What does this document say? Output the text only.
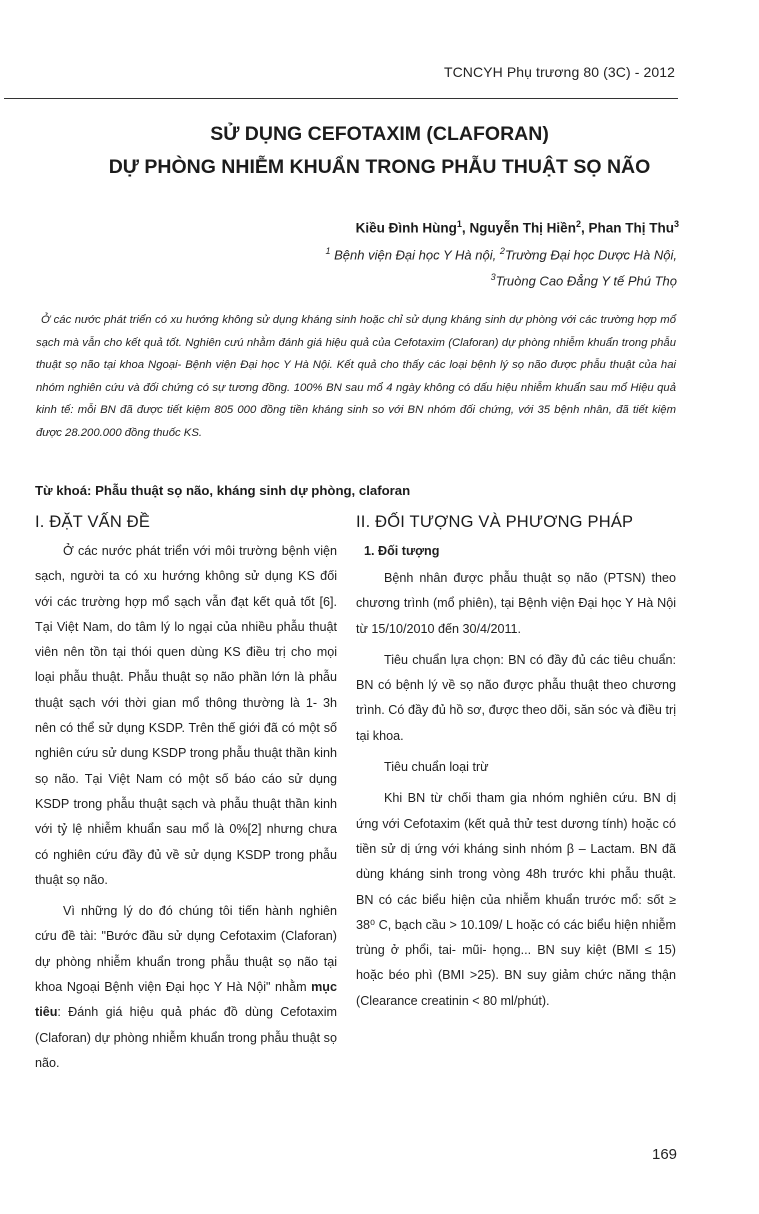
TCNCYH Phụ trương 80 (3C) - 2012
SỬ DỤNG CEFOTAXIM (CLAFORAN)
DỰ PHÒNG NHIỄM KHUẨN TRONG PHẪU THUẬT SỌ NÃO
Kiều Đình Hùng$^1$, Nguyễn Thị Hiền$^2$, Phan Thị Thu$^3$
$^1$ Bệnh viện Đại học Y Hà nội, $^2$Trường Đại học Dược Hà Nội,
$^3$Truòng Cao Đẳng Y tế Phú Thọ
Ở các nước phát triển có xu hướng không sử dụng kháng sinh hoặc chỉ sử dụng kháng sinh dự phòng với các trường hợp mổ sạch mà vẫn cho kết quả tốt. Nghiên cưú nhằm đánh giá hiệu quả của Cefotaxim (Claforan) dự phòng nhiễm khuẩn trong phẫu thuật sọ não tại khoa Ngoại- Bệnh viện Đại học Y Hà Nội. Kết quả cho thấy các loại bệnh lý sọ não được phẫu thuật của hai nhóm nghiên cứu và đối chứng có sự tương đồng. 100% BN sau mổ 4 ngày không có dấu hiệu nhiễm khuẩn sau mổ Hiệu quả kinh tế: mỗi BN đã được tiết kiệm 805 000 đồng tiền kháng sinh so với BN nhóm đối chứng, với 35 bệnh nhân, đã tiết kiệm được 28.200.000 đồng thuốc KS.
Từ khoá: Phẫu thuật sọ não, kháng sinh dự phòng, claforan
I. ĐẶT VẤN ĐỀ

Ở các nước phát triển với môi trường bệnh viện sạch, người ta có xu hướng không sử dụng KS đối với các trường hợp mổ sạch vẫn đạt kết quả tốt [6]. Tại Việt Nam, do tâm lý lo ngại của nhiều phẫu thuật viên nên tồn tại thói quen dùng KS điều trị cho mọi loại phẫu thuật. Phẫu thuật sọ não phần lớn là phẫu thuật sạch với thời gian mổ thông thường là 1- 3h nên có thể sử dụng KSDP. Trên thế giới đã có một số nghiên cứu sử dung KSDP trong phẫu thuật thần kinh sọ não. Tại Việt Nam có một số báo cáo sử dụng KSDP trong phẫu thuật sạch và phẫu thuật thần kinh với tỷ lệ nhiễm khuẩn sau mổ là 0%[2] nhưng chưa có nghiên cứu đầy đủ về sử dụng KSDP trong phẫu thuật sọ não.

Vì những lý do đó chúng tôi tiến hành nghiên cứu đề tài: "Bước đầu sử dụng Cefotaxim (Claforan) dự phòng nhiễm khuẩn trong phẫu thuật sọ não tại khoa Ngoại Bệnh viện Đại học Y Hà Nội" nhằm mục tiêu: Đánh giá hiệu quả phác đồ dùng Cefotaxim (Claforan) dự phòng nhiễm khuẩn trong phẫu thuật sọ não.

II. ĐỐI TƯỢNG VÀ PHƯƠNG PHÁP
1. Đối tượng

Bệnh nhân được phẫu thuật sọ não (PTSN) theo chương trình (mổ phiên), tại Bệnh viện Đại học Y Hà Nội từ 15/10/2010 đến 30/4/2011.

Tiêu chuẩn lựa chọn: BN có đầy đủ các tiêu chuẩn: BN có bệnh lý về sọ não được phẫu thuật theo chương trình. Có đầy đủ hồ sơ, được theo dõi, săn sóc và điều trị tại khoa.

Tiêu chuẩn loại trừ

Khi BN từ chối tham gia nhóm nghiên cứu. BN dị ứng với Cefotaxim (kết quả thử test dương tính) hoặc có tiền sử dị ứng với kháng sinh nhóm β – Lactam. BN đã dùng kháng sinh trong vòng 48h trước khi phẫu thuật. BN có các biểu hiện của nhiễm khuẩn trước mổ: sốt ≥ 38⁰ C, bạch cầu > 10.109/ L hoặc có các biểu hiện nhiễm trùng ở phổi, tai- mũi- họng... BN suy kiệt (BMI ≤ 15) hoặc béo phì (BMI >25). BN suy giảm chức năng thận (Clearance creatinin < 80 ml/phút).

169
